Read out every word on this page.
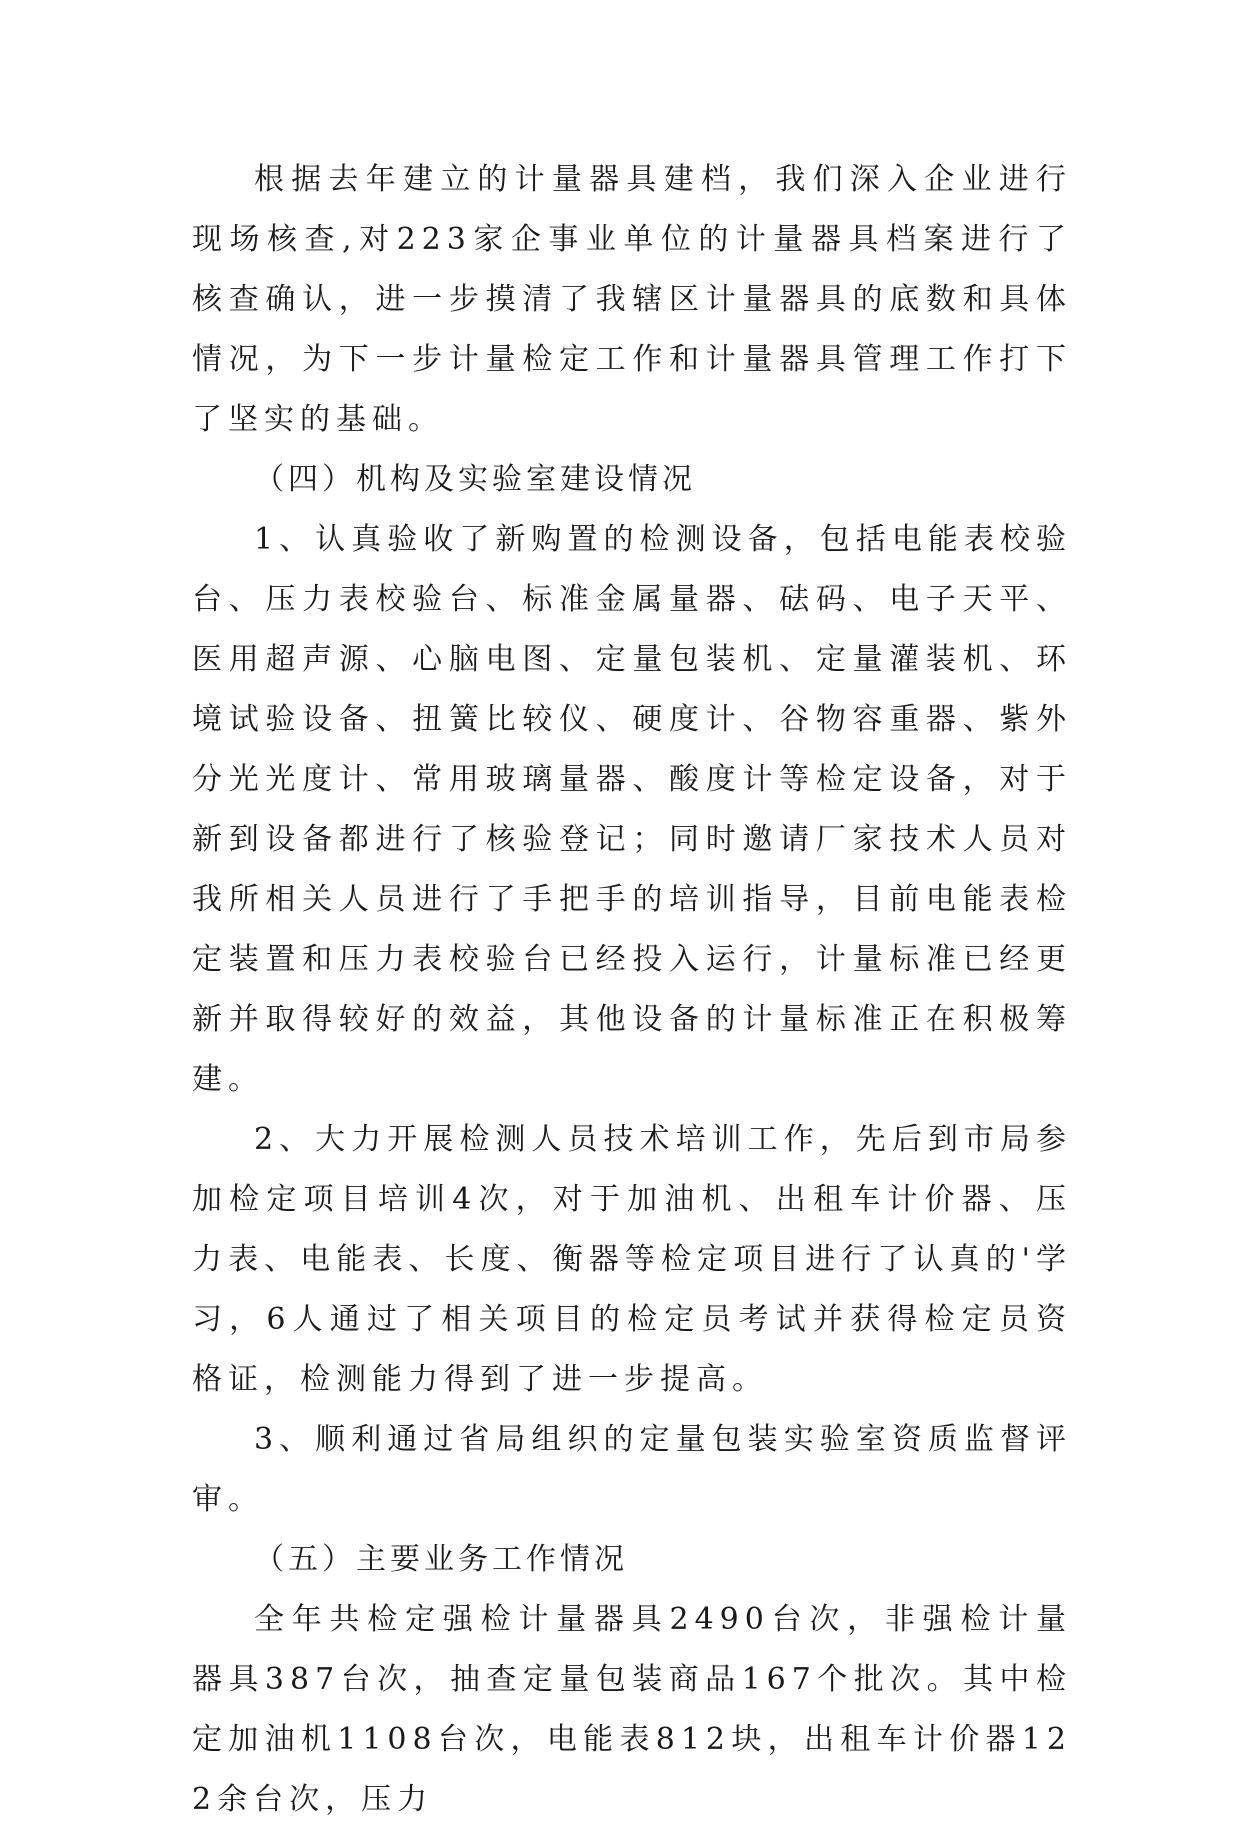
根据去年建立的计量器具建档，我们深入企业进行现场核查,对223家企事业单位的计量器具档案进行了核查确认，进一步摸清了我辖区计量器具的底数和具体情况，为下一步计量检定工作和计量器具管理工作打下了坚实的基础。

（四）机构及实验室建设情况

1、认真验收了新购置的检测设备，包括电能表校验台、压力表校验台、标准金属量器、砝码、电子天平、医用超声源、心脑电图、定量包装机、定量灌装机、环境试验设备、扭簧比较仪、硬度计、谷物容重器、紫外分光光度计、常用玻璃量器、酸度计等检定设备，对于新到设备都进行了核验登记；同时邀请厂家技术人员对我所相关人员进行了手把手的培训指导，目前电能表检定装置和压力表校验台已经投入运行，计量标准已经更新并取得较好的效益，其他设备的计量标准正在积极筹建。

2、大力开展检测人员技术培训工作，先后到市局参加检定项目培训4次，对于加油机、出租车计价器、压力表、电能表、长度、衡器等检定项目进行了认真的'学习，6人通过了相关项目的检定员考试并获得检定员资格证，检测能力得到了进一步提高。

3、顺利通过省局组织的定量包装实验室资质监督评审。

（五）主要业务工作情况

全年共检定强检计量器具2490台次，非强检计量器具387台次，抽查定量包装商品167个批次。其中检定加油机1108台次，电能表812块，出租车计价器122余台次，压力
